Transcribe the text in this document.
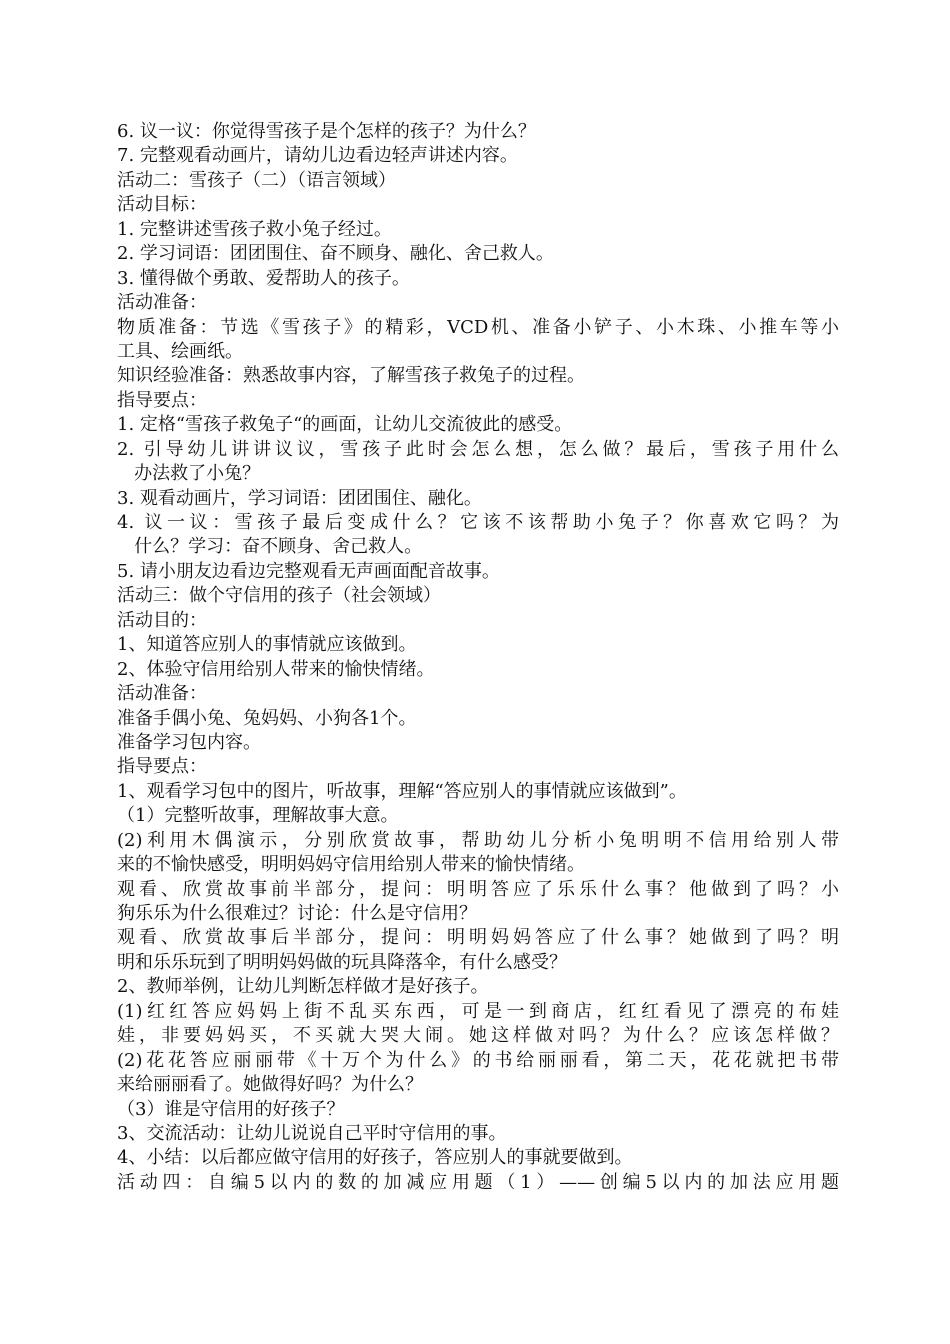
6. 议一议：你觉得雪孩子是个怎样的孩子？为什么？
7. 完整观看动画片，请幼儿边看边轻声讲述内容。
活动二：雪孩子（二）（语言领域）
活动目标：
1. 完整讲述雪孩子救小兔子经过。
2. 学习词语：团团围住、奋不顾身、融化、舍己救人。
3. 懂得做个勇敢、爱帮助人的孩子。
活动准备：
物质准备：节选《雪孩子》的精彩，VCD机、准备小铲子、小木珠、小推车等小
工具、绘画纸。
知识经验准备：熟悉故事内容，了解雪孩子救兔子的过程。
指导要点：
1. 定格“雪孩子救兔子“的画面，让幼儿交流彼此的感受。
2. 引导幼儿讲讲议议，雪孩子此时会怎么想，怎么做？最后，雪孩子用什么
办法救了小兔？
3. 观看动画片，学习词语：团团围住、融化。
4. 议一议：雪孩子最后变成什么？它该不该帮助小兔子？你喜欢它吗？为
什么？学习：奋不顾身、舍己救人。
5. 请小朋友边看边完整观看无声画面配音故事。
活动三：做个守信用的孩子（社会领域）
活动目的：
1、知道答应别人的事情就应该做到。
2、体验守信用给别人带来的愉快情绪。
活动准备：
准备手偶小兔、兔妈妈、小狗各1个。
准备学习包内容。
指导要点：
1、观看学习包中的图片，听故事，理解“答应别人的事情就应该做到”。
（1）完整听故事，理解故事大意。
(2)利用木偶演示，分别欣赏故事，帮助幼儿分析小兔明明不信用给别人带
来的不愉快感受，明明妈妈守信用给别人带来的愉快情绪。
观看、欣赏故事前半部分，提问：明明答应了乐乐什么事？他做到了吗？小
狗乐乐为什么很难过？讨论：什么是守信用？
观看、欣赏故事后半部分，提问：明明妈妈答应了什么事？她做到了吗？明
明和乐乐玩到了明明妈妈做的玩具降落伞，有什么感受？
2、教师举例，让幼儿判断怎样做才是好孩子。
(1)红红答应妈妈上街不乱买东西，可是一到商店，红红看见了漂亮的布娃
娃，非要妈妈买，不买就大哭大闹。她这样做对吗？为什么？应该怎样做？
(2)花花答应丽丽带《十万个为什么》的书给丽丽看，第二天，花花就把书带
来给丽丽看了。她做得好吗？为什么？
（3）谁是守信用的好孩子？
3、交流活动：让幼儿说说自己平时守信用的事。
4、小结：以后都应做守信用的好孩子，答应别人的事就要做到。
活动四：自编5以内的数的加减应用题（1）——创编5以内的加法应用题
